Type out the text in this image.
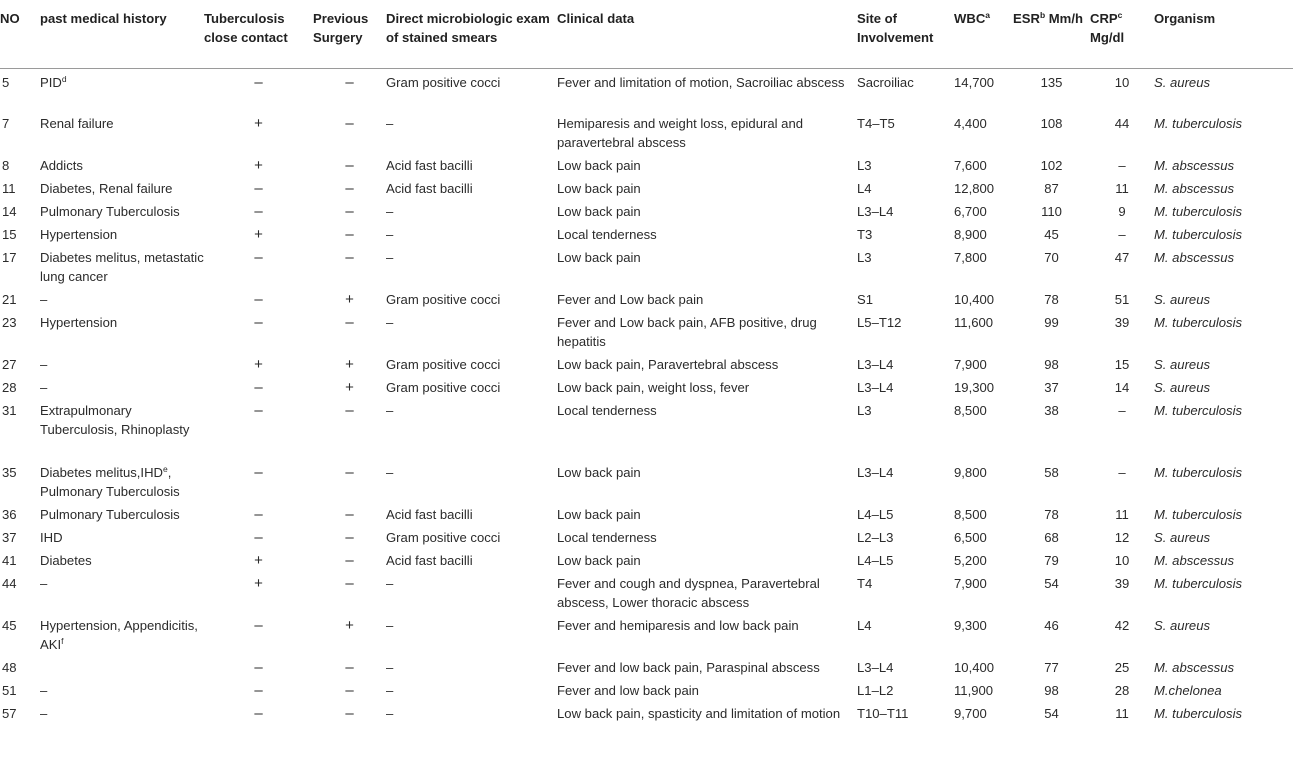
NO	past medical history	Tuberculosis close contact	Previous Surgery	Direct microbiologic exam of stained smears	Clinical data	Site of Involvement	WBC$^a$	ESR$^b$ Mm/h	CRP$^c$ Mg/dl	Organism
5	PID$^d$	–	–	Gram positive cocci	Fever and limitation of motion, Sacroiliac abscess	Sacroiliac	14,700	135	10	S. aureus
7	Renal failure	+	–	–	Hemiparesis and weight loss, epidural and paravertebral abscess	T4–T5	4,400	108	44	M. tuberculosis
8	Addicts	+	–	Acid fast bacilli	Low back pain	L3	7,600	102	–	M. abscessus
11	Diabetes, Renal failure	–	–	Acid fast bacilli	Low back pain	L4	12,800	87	11	M. abscessus
14	Pulmonary Tuberculosis	–	–	–	Low back pain	L3–L4	6,700	110	9	M. tuberculosis
15	Hypertension	+	–	–	Local tenderness	T3	8,900	45	–	M. tuberculosis
17	Diabetes melitus, metastatic lung cancer	–	–	–	Low back pain	L3	7,800	70	47	M. abscessus
21	–	–	+	Gram positive cocci	Fever and Low back pain	S1	10,400	78	51	S. aureus
23	Hypertension	–	–	–	Fever and Low back pain, AFB positive, drug hepatitis	L5–T12	11,600	99	39	M. tuberculosis
27	–	+	+	Gram positive cocci	Low back pain, Paravertebral abscess	L3–L4	7,900	98	15	S. aureus
28	–	–	+	Gram positive cocci	Low back pain, weight loss, fever	L3–L4	19,300	37	14	S. aureus
31	Extrapulmonary Tuberculosis, Rhinoplasty	–	–	–	Local tenderness	L3	8,500	38	–	M. tuberculosis
35	Diabetes melitus,IHD$^e$, Pulmonary Tuberculosis	–	–	–	Low back pain	L3–L4	9,800	58	–	M. tuberculosis
36	Pulmonary Tuberculosis	–	–	Acid fast bacilli	Low back pain	L4–L5	8,500	78	11	M. tuberculosis
37	IHD	–	–	Gram positive cocci	Local tenderness	L2–L3	6,500	68	12	S. aureus
41	Diabetes	+	–	Acid fast bacilli	Low back pain	L4–L5	5,200	79	10	M. abscessus
44	–	+	–	–	Fever and cough and dyspnea, Paravertebral abscess, Lower thoracic abscess	T4	7,900	54	39	M. tuberculosis
45	Hypertension, Appendicitis, AKI$^f$	–	+	–	Fever and hemiparesis and low back pain	L4	9,300	46	42	S. aureus
48		–	–	–	Fever and low back pain, Paraspinal abscess	L3–L4	10,400	77	25	M. abscessus
51	–	–	–	–	Fever and low back pain	L1–L2	11,900	98	28	M.chelonea
57	–	–	–	–	Low back pain, spasticity and limitation of motion	T10–T11	9,700	54	11	M. tuberculosis
